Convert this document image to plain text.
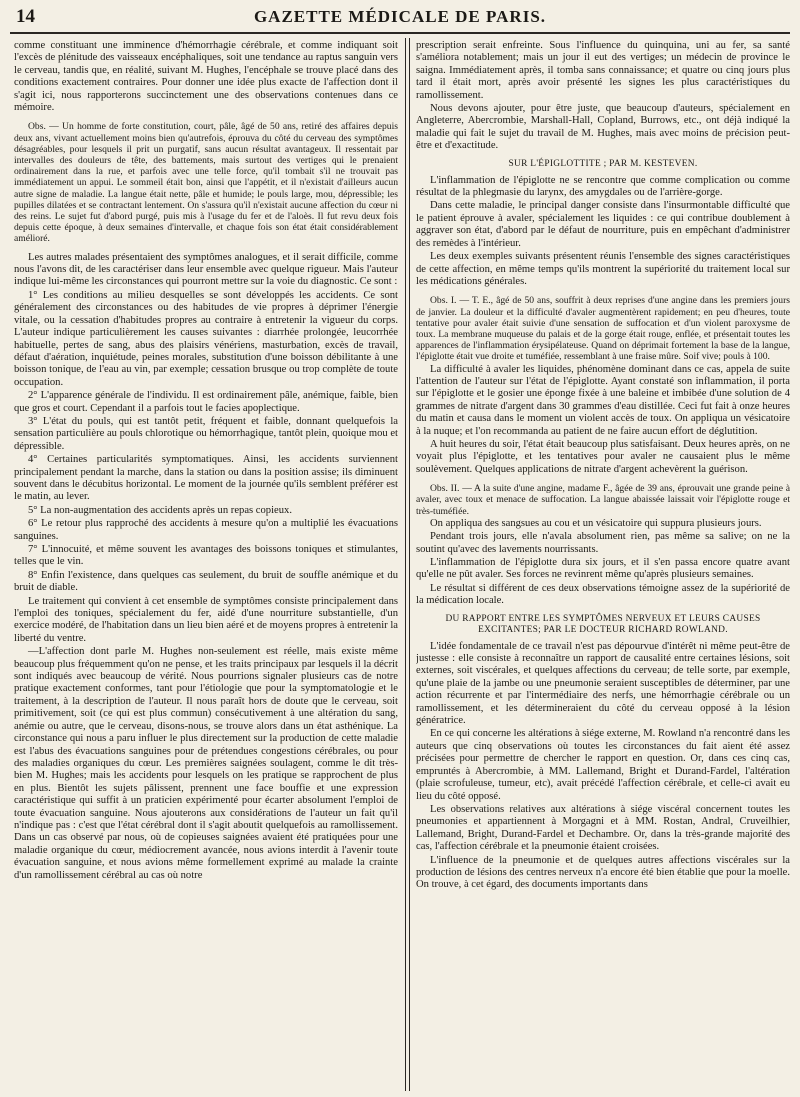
14	GAZETTE MÉDICALE DE PARIS.

comme constituant une imminence d'hémorrhagie cérébrale, et comme indiquant soit l'excès de plénitude des vaisseaux encéphaliques, soit une tendance au raptus sanguin vers le cerveau, tandis que, en réalité, suivant M. Hughes, l'encéphale se trouve placé dans des conditions exactement contraires. Pour donner une idée plus exacte de l'affection dont il s'agit ici, nous rapporterons succinctement une des observations contenues dans ce mémoire.

Obs. — Un homme de forte constitution, court, pâle, âgé de 50 ans, retiré des affaires depuis deux ans, vivant actuellement moins bien qu'autrefois, éprouva du côté du cerveau des symptômes désagréables, pour lesquels il prit un purgatif, sans aucun résultat avantageux. Il ressentait par intervalles des douleurs de tête, des battements, mais surtout des vertiges qui le prenaient ordinairement dans la rue, et parfois avec une telle force, qu'il tombait s'il ne trouvait pas immédiatement un appui. Le sommeil était bon, ainsi que l'appétit, et il n'existait d'ailleurs aucun autre signe de maladie. La langue était nette, pâle et humide; le pouls large, mou, dépressible; les pupilles dilatées et se contractant lentement. On s'assura qu'il n'existait aucune affection du cœur ni des reins. Le sujet fut d'abord purgé, puis mis à l'usage du fer et de l'aloès. Il fut revu deux fois depuis cette époque, à deux semaines d'intervalle, et chaque fois son état était considérablement amélioré.

Les autres malades présentaient des symptômes analogues, et il serait difficile, comme nous l'avons dit, de les caractériser dans leur ensemble avec quelque rigueur. Mais l'auteur indique lui-même les circonstances qui pourront mettre sur la voie du diagnostic. Ce sont :

1° Les conditions au milieu desquelles se sont développés les accidents. Ce sont généralement des circonstances ou des habitudes de vie propres à déprimer l'énergie vitale, ou la cessation d'habitudes propres au contraire à entretenir la vigueur du corps. L'auteur indique particulièrement les causes suivantes : diarrhée prolongée, leucorrhée habituelle, pertes de sang, abus des plaisirs vénériens, masturbation, excès de travail, défaut d'aération, inquiétude, peines morales, substitution d'une boisson débilitante à une boisson tonique, de l'eau au vin, par exemple; cessation brusque ou trop complète de toute occupation.

2° L'apparence générale de l'individu. Il est ordinairement pâle, anémique, faible, bien que gros et court. Cependant il a parfois tout le facies apoplectique.

3° L'état du pouls, qui est tantôt petit, fréquent et faible, donnant quelquefois la sensation particulière au pouls chlorotique ou hémorrhagique, tantôt plein, quoique mou et dépressible.

4° Certaines particularités symptomatiques. Ainsi, les accidents surviennent principalement pendant la marche, dans la station ou dans la position assise; ils diminuent souvent dans le décubitus horizontal. Le moment de la journée qu'ils semblent préférer est le matin, au lever.

5° La non-augmentation des accidents après un repas copieux.

6° Le retour plus rapproché des accidents à mesure qu'on a multiplié les évacuations sanguines.

7° L'innocuité, et même souvent les avantages des boissons toniques et stimulantes, telles que le vin.

8° Enfin l'existence, dans quelques cas seulement, du bruit de souffle anémique et du bruit de diable.

Le traitement qui convient à cet ensemble de symptômes consiste principalement dans l'emploi des toniques, spécialement du fer, aidé d'une nourriture substantielle, d'un exercice modéré, de l'habitation dans un lieu bien aéré et de moyens propres à entretenir la liberté du ventre.

—L'affection dont parle M. Hughes non-seulement est réelle, mais existe même beaucoup plus fréquemment qu'on ne pense, et les traits principaux par lesquels il la décrit sont indiqués avec beaucoup de vérité. Nous pourrions signaler plusieurs cas de notre pratique exactement conformes, tant pour l'étiologie que pour la symptomatologie et le traitement, à la description de l'auteur. Il nous paraît hors de doute que le cerveau, soit primitivement, soit (ce qui est plus commun) consécutivement à une altération du sang, anémie ou autre, que le cerveau, disons-nous, se trouve alors dans un état asthénique. La circonstance qui nous a paru influer le plus directement sur la production de cette maladie est l'abus des évacuations sanguines pour de prétendues congestions cérébrales, ou pour des maladies organiques du cœur. Les premières saignées soulagent, comme le dit très-bien M. Hughes; mais les accidents pour lesquels on les pratique se rapprochent de plus en plus. Bientôt les sujets pâlissent, prennent une face bouffie et une expression caractéristique qui suffit à un praticien expérimenté pour écarter absolument l'emploi de toute évacuation sanguine. Nous ajouterons aux considérations de l'auteur un fait qu'il n'indique pas : c'est que l'état cérébral dont il s'agit aboutit quelquefois au ramollissement. Dans un cas observé par nous, où de copieuses saignées avaient été pratiquées pour une maladie organique du cœur, médiocrement avancée, nous avions interdit à l'avenir toute évacuation sanguine, et nous avions même formellement exprimé au malade la crainte d'un ramollissement cérébral au cas où notre

prescription serait enfreinte. Sous l'influence du quinquina, uni au fer, sa santé s'améliora notablement; mais un jour il eut des vertiges; un médecin de province le saigna. Immédiatement après, il tomba sans connaissance; et quatre ou cinq jours plus tard il était mort, après avoir présenté les signes les plus caractéristiques du ramollissement.

Nous devons ajouter, pour être juste, que beaucoup d'auteurs, spécialement en Angleterre, Abercrombie, Marshall-Hall, Copland, Burrows, etc., ont déjà indiqué la maladie qui fait le sujet du travail de M. Hughes, mais avec moins de précision peut-être et d'exactitude.

SUR L'ÉPIGLOTTITE ; PAR M. KESTEVEN.

L'inflammation de l'épiglotte ne se rencontre que comme complication ou comme résultat de la phlegmasie du larynx, des amygdales ou de l'arrière-gorge.

Dans cette maladie, le principal danger consiste dans l'insurmontable difficulté que le patient éprouve à avaler, spécialement les liquides : ce qui contribue doublement à aggraver son état, d'abord par le défaut de nourriture, puis en empêchant d'administrer des remèdes à l'intérieur.

Les deux exemples suivants présentent réunis l'ensemble des signes caractéristiques de cette affection, en même temps qu'ils montrent la supériorité du traitement local sur les médications générales.

Obs. I. — T. E., âgé de 50 ans, souffrit à deux reprises d'une angine dans les premiers jours de janvier. La douleur et la difficulté d'avaler augmentèrent rapidement; en peu d'heures, toute tentative pour avaler était suivie d'une sensation de suffocation et d'un violent paroxysme de toux. La membrane muqueuse du palais et de la gorge était rouge, enflée, et présentait toutes les apparences de l'inflammation érysipélateuse. Quand on déprimait fortement la base de la langue, l'épiglotte était vue droite et tuméfiée, ressemblant à une fraise mûre. Soif vive; pouls à 100.

La difficulté à avaler les liquides, phénomène dominant dans ce cas, appela de suite l'attention de l'auteur sur l'état de l'épiglotte. Ayant constaté son inflammation, il porta sur l'épiglotte et le gosier une éponge fixée à une baleine et imbibée d'une solution de 4 grammes de nitrate d'argent dans 30 grammes d'eau distillée. Ceci fut fait à onze heures du matin et causa dans le moment un violent accès de toux. On appliqua un vésicatoire à la nuque; et l'on recommanda au patient de ne faire aucun effort de déglutition.

A huit heures du soir, l'état était beaucoup plus satisfaisant. Deux heures après, on ne voyait plus l'épiglotte, et les tentatives pour avaler ne causaient plus le même soulèvement. Quelques applications de nitrate d'argent achevèrent la guérison.

Obs. II. — A la suite d'une angine, madame F., âgée de 39 ans, éprouvait une grande peine à avaler, avec toux et menace de suffocation. La langue abaissée laissait voir l'épiglotte rouge et très-tuméfiée.

On appliqua des sangsues au cou et un vésicatoire qui suppura plusieurs jours.

Pendant trois jours, elle n'avala absolument rien, pas même sa salive; on ne la soutint qu'avec des lavements nourrissants.

L'inflammation de l'épiglotte dura six jours, et il s'en passa encore quatre avant qu'elle ne pût avaler. Ses forces ne revinrent même qu'après plusieurs semaines.

Le résultat si différent de ces deux observations témoigne assez de la supériorité de la médication locale.

DU RAPPORT ENTRE LES SYMPTÔMES NERVEUX ET LEURS CAUSES EXCITANTES; PAR LE DOCTEUR RICHARD ROWLAND.

L'idée fondamentale de ce travail n'est pas dépourvue d'intérêt ni même peut-être de justesse : elle consiste à reconnaître un rapport de causalité entre certaines lésions, soit externes, soit viscérales, et quelques affections du cerveau; de telle sorte, par exemple, qu'une plaie de la jambe ou une pneumonie seraient susceptibles de déterminer, par une action récurrente et par l'intermédiaire des nerfs, une hémorrhagie cérébrale ou un ramollissement, et les détermineraient du côté du cerveau opposé à la lésion génératrice.

En ce qui concerne les altérations à siége externe, M. Rowland n'a rencontré dans les auteurs que cinq observations où toutes les circonstances du fait aient été assez précisées pour permettre de chercher le rapport en question. Or, dans ces cinq cas, empruntés à Abercrombie, à MM. Lallemand, Bright et Durand-Fardel, l'altération (plaie scrofuleuse, tumeur, etc), avait précédé l'affection cérébrale, et celle-ci avait eu lieu du côté opposé.

Les observations relatives aux altérations à siége viscéral concernent toutes les pneumonies et appartiennent à Morgagni et à MM. Rostan, Andral, Cruveilhier, Lallemand, Bright, Durand-Fardel et Dechambre. Or, dans la très-grande majorité des cas, l'affection cérébrale et la pneumonie étaient croisées.

L'influence de la pneumonie et de quelques autres affections viscérales sur la production de lésions des centres nerveux n'a encore été bien établie que pour la moelle. On trouve, à cet égard, des documents importants dans
